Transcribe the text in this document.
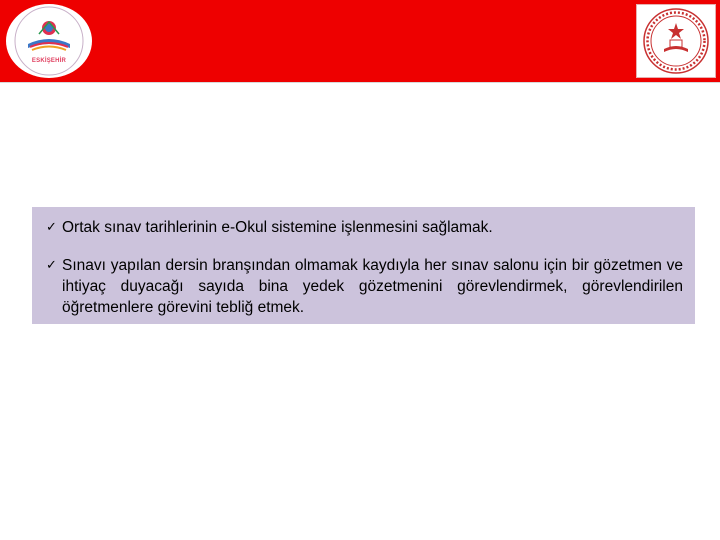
ESKİŞEHİR
✓ Ortak sınav tarihlerinin e-Okul sistemine işlenmesini sağlamak.
✓ Sınavı yapılan dersin branşından olmamak kaydıyla her sınav salonu için bir gözetmen ve ihtiyaç duyacağı sayıda bina yedek gözetmenini görevlendirmek, görevlendirilen öğretmenlere görevini tebliğ etmek.
